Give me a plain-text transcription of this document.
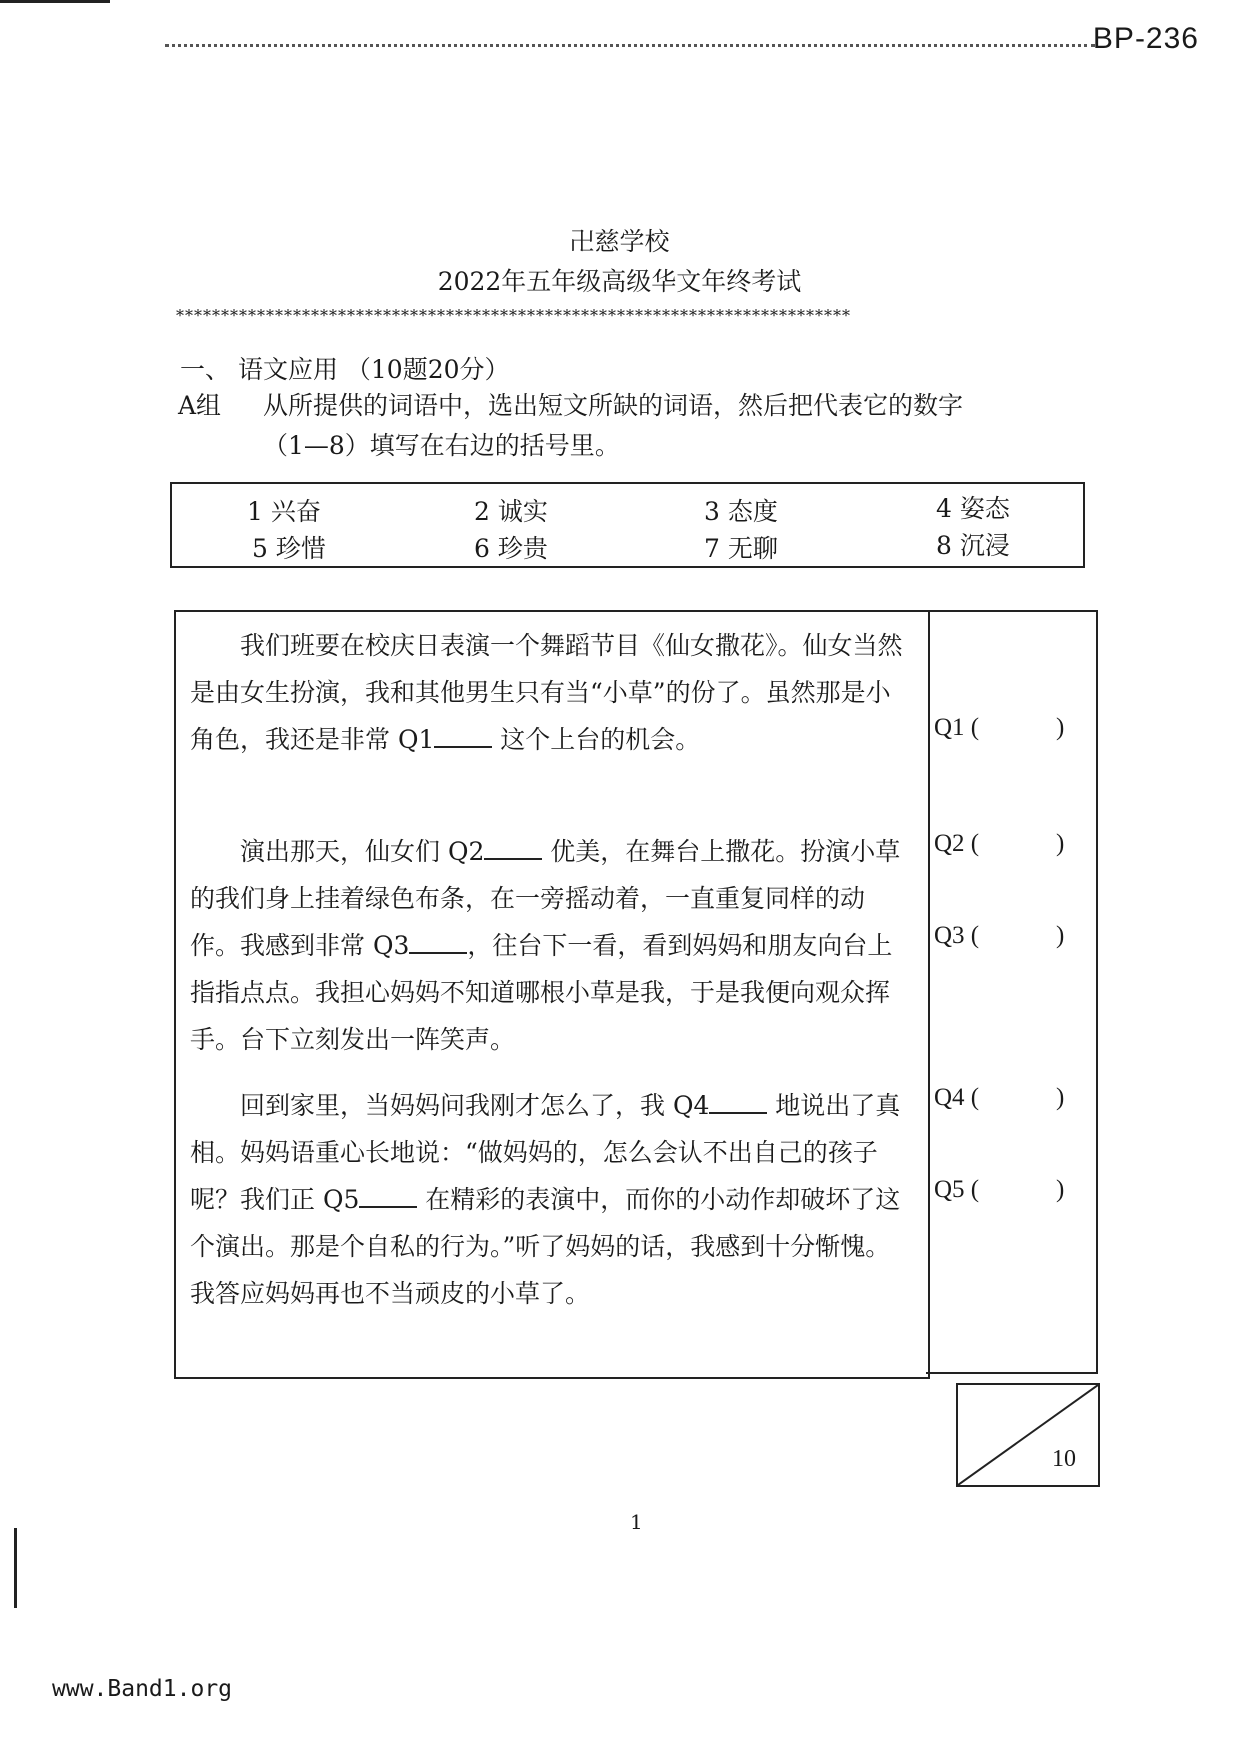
BP-236
卍慈学校
2022年五年级高级华文年终考试
***************************************************************************
一、 语文应用 （10题20分）
A组 从所提供的词语中，选出短文所缺的词语，然后把代表它的数字
（1—8）填写在右边的括号里。
1 兴奋	2 诚实	3 态度	4 姿态
5 珍惜	6 珍贵	7 无聊	8 沉浸
我们班要在校庆日表演一个舞蹈节目《仙女撒花》。仙女当然是由女生扮演，我和其他男生只有当“小草”的份了。虽然那是小角色，我还是非常 Q1 这个上台的机会。
演出那天，仙女们 Q2 优美，在舞台上撒花。扮演小草的我们身上挂着绿色布条，在一旁摇动着，一直重复同样的动作。我感到非常 Q3 ，往台下一看，看到妈妈和朋友向台上指指点点。我担心妈妈不知道哪根小草是我，于是我便向观众挥手。台下立刻发出一阵笑声。
回到家里，当妈妈问我刚才怎么了，我 Q4 地说出了真相。妈妈语重心长地说：“做妈妈的，怎么会认不出自己的孩子呢？我们正 Q5 在精彩的表演中，而你的小动作却破坏了这个演出。那是个自私的行为。”听了妈妈的话，我感到十分惭愧。我答应妈妈再也不当顽皮的小草了。
Q1 (	)
Q2 (	)
Q3 (	)
Q4 (	)
Q5 (	)
10
1
www.Band1.org
